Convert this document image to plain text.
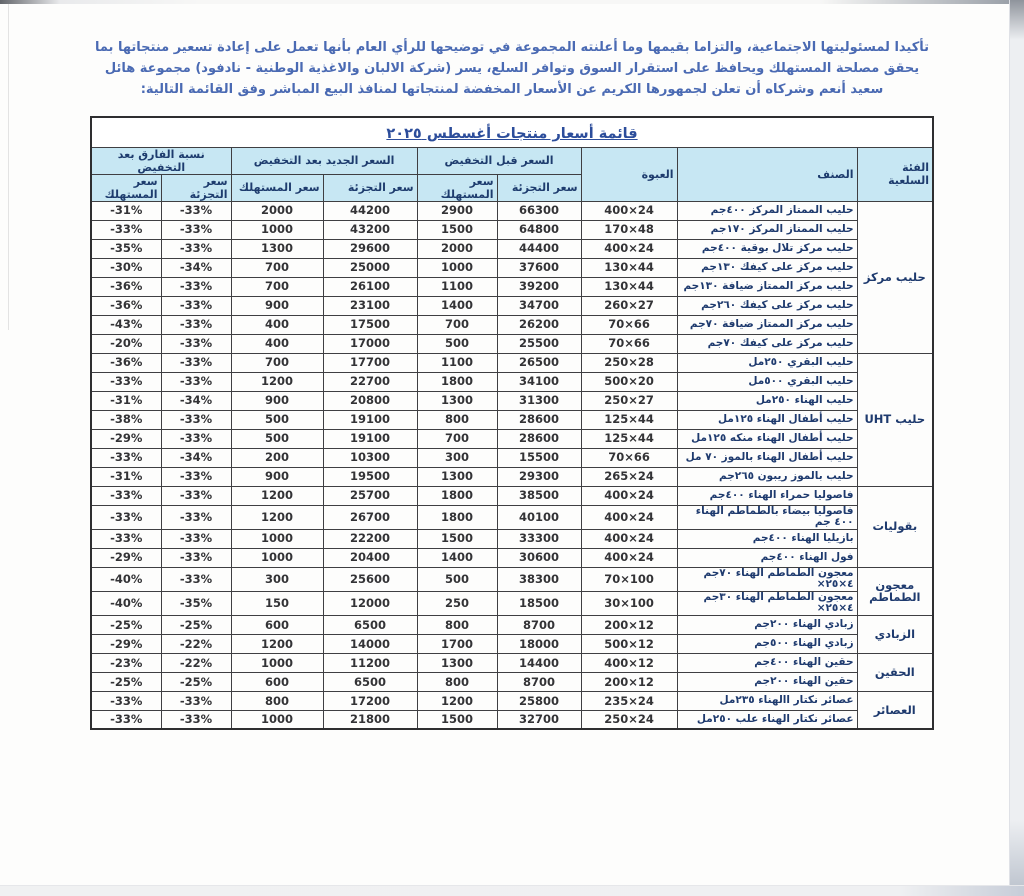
تأكيدا لمسئوليتها الاجتماعية، والتزاما بقيمها وما أعلنته المجموعة في توضيحها للرأي العام بأنها تعمل على إعادة تسعير منتجاتها بما يحقق مصلحة المستهلك ويحافظ على استقرار السوق وتوافر السلع، يسر (شركة الالبان والاغذية الوطنية - نادفود) مجموعة هائل سعيد أنعم وشركاه أن تعلن لجمهورها الكريم عن الأسعار المخفضة لمنتجاتها لمنافذ البيع المباشر وفق القائمة التالية:

قائمة أسعار منتجات أغسطس ٢٠٢٥								
الفئة السلعية	الصنف	العبوة	السعر قبل التخفيض		السعر الجديد بعد التخفيض		نسبة الفارق بعد التخفيض	
			سعر التجزئة	سعر المستهلك	سعر التجزئة	سعر المستهلك	سعر التجزئة	سعر المستهلك
حليب مركز	حليب الممتاز المركز ٤٠٠جم	400×24	66300	2900	44200	2000	-33%	-31%
	حليب الممتاز المركز ١٧٠جم	170×48	64800	1500	43200	1000	-33%	-33%
	حليب مركز تلال بوقية ٤٠٠جم	400×24	44400	2000	29600	1300	-33%	-35%
	حليب مركز على كيفك ١٣٠جم	130×44	37600	1000	25000	700	-34%	-30%
	حليب مركز الممتاز ضيافة ١٣٠جم	130×44	39200	1100	26100	700	-33%	-36%
	حليب مركز على كيفك ٢٦٠جم	260×27	34700	1400	23100	900	-33%	-36%
	حليب مركز الممتاز ضيافة ٧٠جم	70×66	26200	700	17500	400	-33%	-43%
	حليب مركز على كيفك ٧٠جم	70×66	25500	500	17000	400	-33%	-20%
حليب UHT	حليب البقري ٢٥٠مل	250×28	26500	1100	17700	700	-33%	-36%
	حليب البقري ٥٠٠مل	500×20	34100	1800	22700	1200	-33%	-33%
	حليب الهناء ٢٥٠مل	250×27	31300	1300	20800	900	-34%	-31%
	حليب أطفال الهناء ١٢٥مل	125×44	28600	800	19100	500	-33%	-38%
	حليب أطفال الهناء منكه ١٢٥مل	125×44	28600	700	19100	500	-33%	-29%
	حليب أطفال الهناء بالموز ٧٠ مل	70×66	15500	300	10300	200	-34%	-33%
	حليب بالموز ريبون ٢٦٥جم	265×24	29300	1300	19500	900	-33%	-31%
بقوليات	فاصوليا حمراء الهناء ٤٠٠جم	400×24	38500	1800	25700	1200	-33%	-33%
	فاصوليا بيضاء بالطماطم الهناء ٤٠٠ جم	400×24	40100	1800	26700	1200	-33%	-33%
	بازيليا الهناء ٤٠٠جم	400×24	33300	1500	22200	1000	-33%	-33%
	فول الهناء ٤٠٠جم	400×24	30600	1400	20400	1000	-33%	-29%
معجون الطماطم	معجون الطماطم الهناء ٧٠جم ٤×٢٥×	70×100	38300	500	25600	300	-33%	-40%
	معجون الطماطم الهناء ٣٠جم ٤×٢٥×	30×100	18500	250	12000	150	-35%	-40%
الزبادي	زبادي الهناء ٢٠٠جم	200×12	8700	800	6500	600	-25%	-25%
	زبادي الهناء ٥٠٠جم	500×12	18000	1700	14000	1200	-22%	-29%
الحقين	حقين الهناء ٤٠٠جم	400×12	14400	1300	11200	1000	-22%	-23%
	حقين الهناء ٢٠٠جم	200×12	8700	800	6500	600	-25%	-25%
العصائر	عصائر نكتار االهناء ٢٣٥مل	235×24	25800	1200	17200	800	-33%	-33%
	عصائر نكتار الهناء علب ٢٥٠مل	250×24	32700	1500	21800	1000	-33%	-33%
